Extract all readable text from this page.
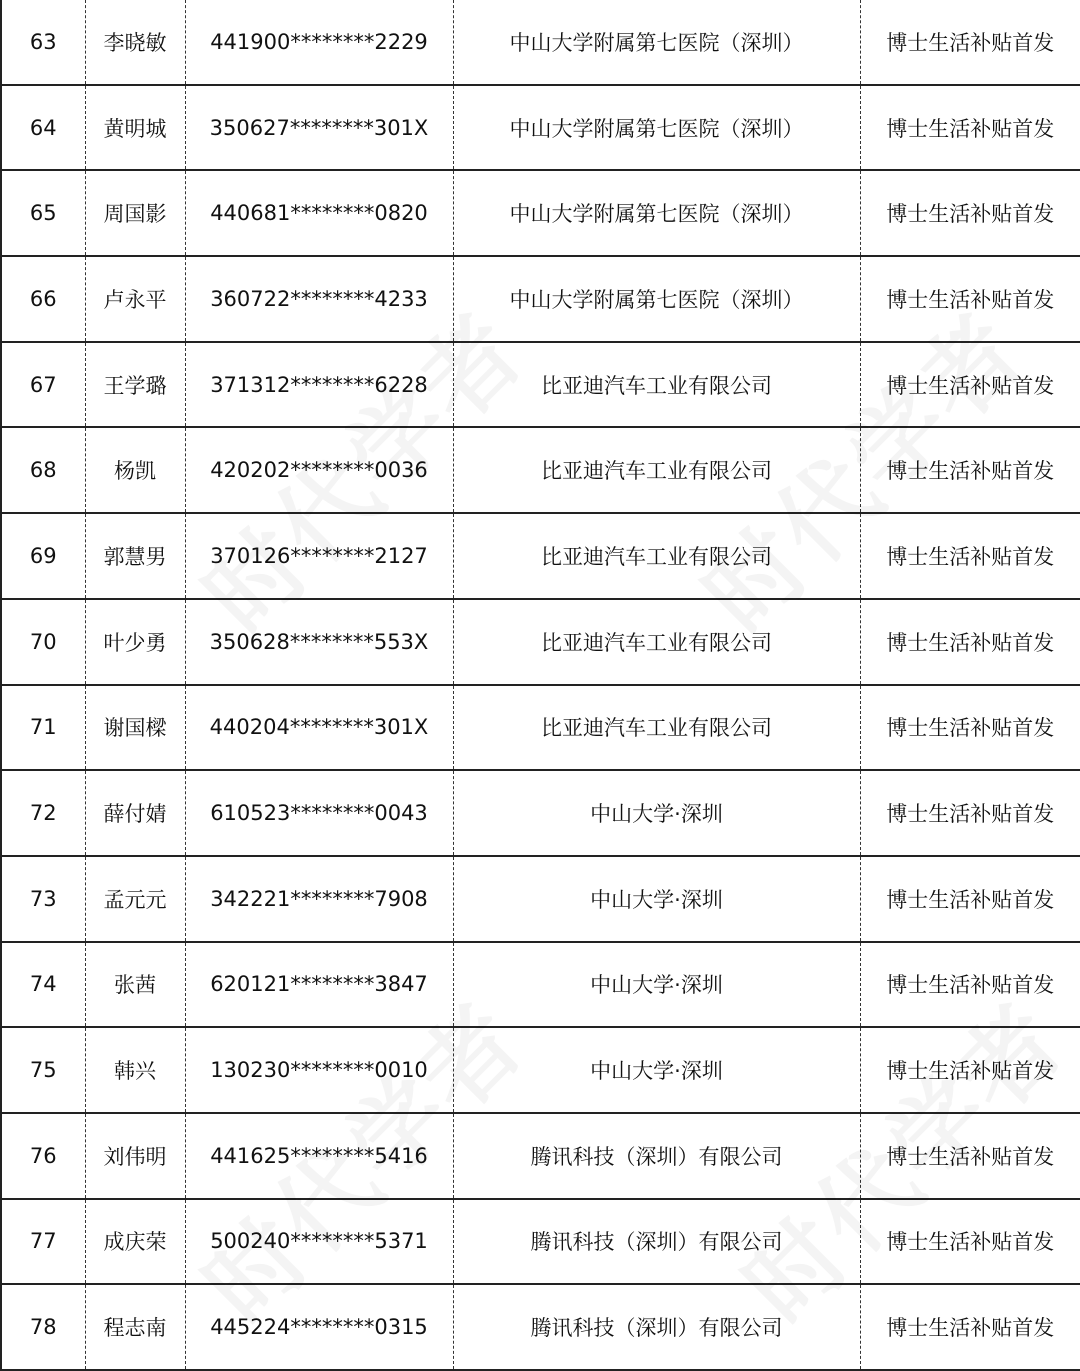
63	李晓敏	441900********2229	中山大学附属第七医院（深圳）	博士生活补贴首发
64	黄明城	350627********301X	中山大学附属第七医院（深圳）	博士生活补贴首发
65	周国影	440681********0820	中山大学附属第七医院（深圳）	博士生活补贴首发
66	卢永平	360722********4233	中山大学附属第七医院（深圳）	博士生活补贴首发
67	王学璐	371312********6228	比亚迪汽车工业有限公司	博士生活补贴首发
68	杨凯	420202********0036	比亚迪汽车工业有限公司	博士生活补贴首发
69	郭慧男	370126********2127	比亚迪汽车工业有限公司	博士生活补贴首发
70	叶少勇	350628********553X	比亚迪汽车工业有限公司	博士生活补贴首发
71	谢国樑	440204********301X	比亚迪汽车工业有限公司	博士生活补贴首发
72	薛付婧	610523********0043	中山大学·深圳	博士生活补贴首发
73	孟元元	342221********7908	中山大学·深圳	博士生活补贴首发
74	张茜	620121********3847	中山大学·深圳	博士生活补贴首发
75	韩兴	130230********0010	中山大学·深圳	博士生活补贴首发
76	刘伟明	441625********5416	腾讯科技（深圳）有限公司	博士生活补贴首发
77	成庆荣	500240********5371	腾讯科技（深圳）有限公司	博士生活补贴首发
78	程志南	445224********0315	腾讯科技（深圳）有限公司	博士生活补贴首发
